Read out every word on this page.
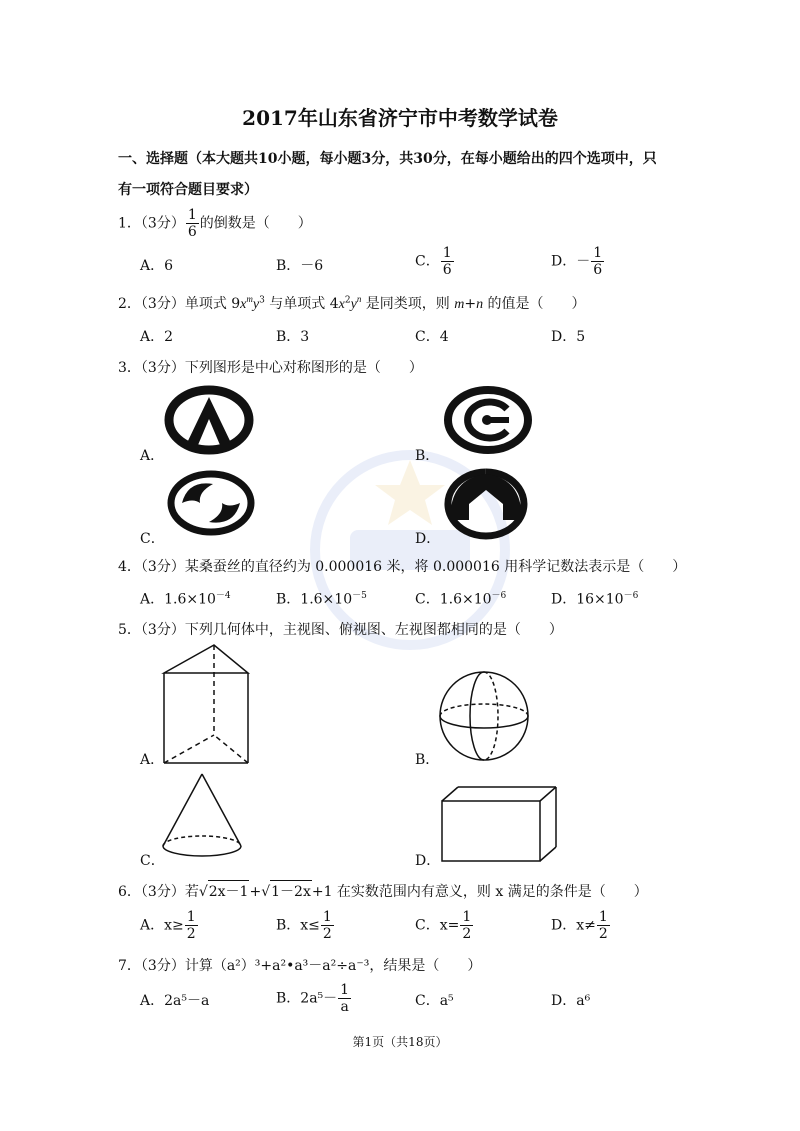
2017年山东省济宁市中考数学试卷
一、选择题（本大题共10小题，每小题3分，共30分，在每小题给出的四个选项中，只
有一项符合题目要求）
1．（3分） $\frac{1}{6}$ 的倒数是（　　）
A．6	B．－6	C． $\frac{1}{6}$	D．－ $\frac{1}{6}$
2．（3分）单项式 $9x^my^3$ 与单项式 $4x^2y^n$ 是同类项，则 m+n 的值是（　　）
A．2	B．3	C．4	D．5
3．（3分）下列图形是中心对称图形的是（　　）
A．	B．
C．	D．
4．（3分）某桑蚕丝的直径约为 0.000016 米，将 0.000016 用科学记数法表示是（　　）
A．$1.6\times 10^{-4}$	B．$1.6\times 10^{-5}$	C．$1.6\times 10^{-6}$	D．$16\times 10^{-6}$
5．（3分）下列几何体中，主视图、俯视图、左视图都相同的是（　　）
A．	B．
C．	D．
6．（3分）若√2x－1+√1－2x+1 在实数范围内有意义，则 x 满足的条件是（　　）
A．$x\ge \frac{1}{2}$	B．$x\le \frac{1}{2}$	C．$x= \frac{1}{2}$	D．$x\ne \frac{1}{2}$
7．（3分）计算（a²）³+a²•a³－a²÷a⁻³，结果是（　　）
A．2a⁵－a	B．$2a^5- \frac{1}{a}$	C．a⁵	D．a⁶
第1页（共18页）
